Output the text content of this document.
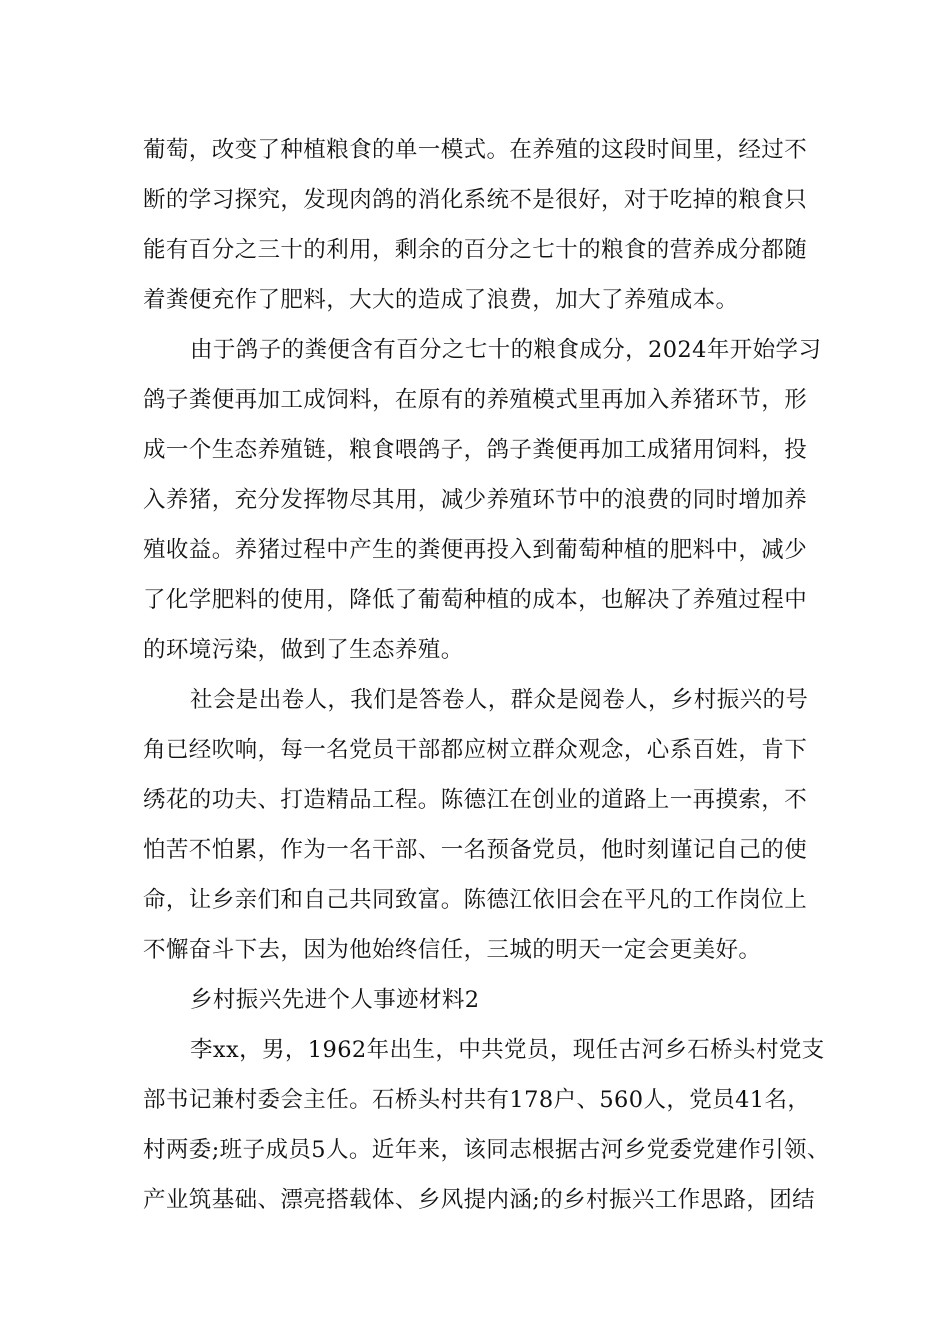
葡萄，改变了种植粮食的单一模式。在养殖的这段时间里，经过不
断的学习探究，发现肉鸽的消化系统不是很好，对于吃掉的粮食只
能有百分之三十的利用，剩余的百分之七十的粮食的营养成分都随
着粪便充作了肥料，大大的造成了浪费，加大了养殖成本。
由于鸽子的粪便含有百分之七十的粮食成分，2024年开始学习
鸽子粪便再加工成饲料，在原有的养殖模式里再加入养猪环节，形
成一个生态养殖链，粮食喂鸽子，鸽子粪便再加工成猪用饲料，投
入养猪，充分发挥物尽其用，减少养殖环节中的浪费的同时增加养
殖收益。养猪过程中产生的粪便再投入到葡萄种植的肥料中，减少
了化学肥料的使用，降低了葡萄种植的成本，也解决了养殖过程中
的环境污染，做到了生态养殖。
社会是出卷人，我们是答卷人，群众是阅卷人，乡村振兴的号
角已经吹响，每一名党员干部都应树立群众观念，心系百姓，肯下
绣花的功夫、打造精品工程。陈德江在创业的道路上一再摸索，不
怕苦不怕累，作为一名干部、一名预备党员，他时刻谨记自己的使
命，让乡亲们和自己共同致富。陈德江依旧会在平凡的工作岗位上
不懈奋斗下去，因为他始终信任，三城的明天一定会更美好。
乡村振兴先进个人事迹材料2
李xx，男，1962年出生，中共党员，现任古河乡石桥头村党支
部书记兼村委会主任。石桥头村共有178户、560人，党员41名，
村两委;班子成员5人。近年来，该同志根据古河乡党委党建作引领、
产业筑基础、漂亮搭载体、乡风提内涵;的乡村振兴工作思路，团结
